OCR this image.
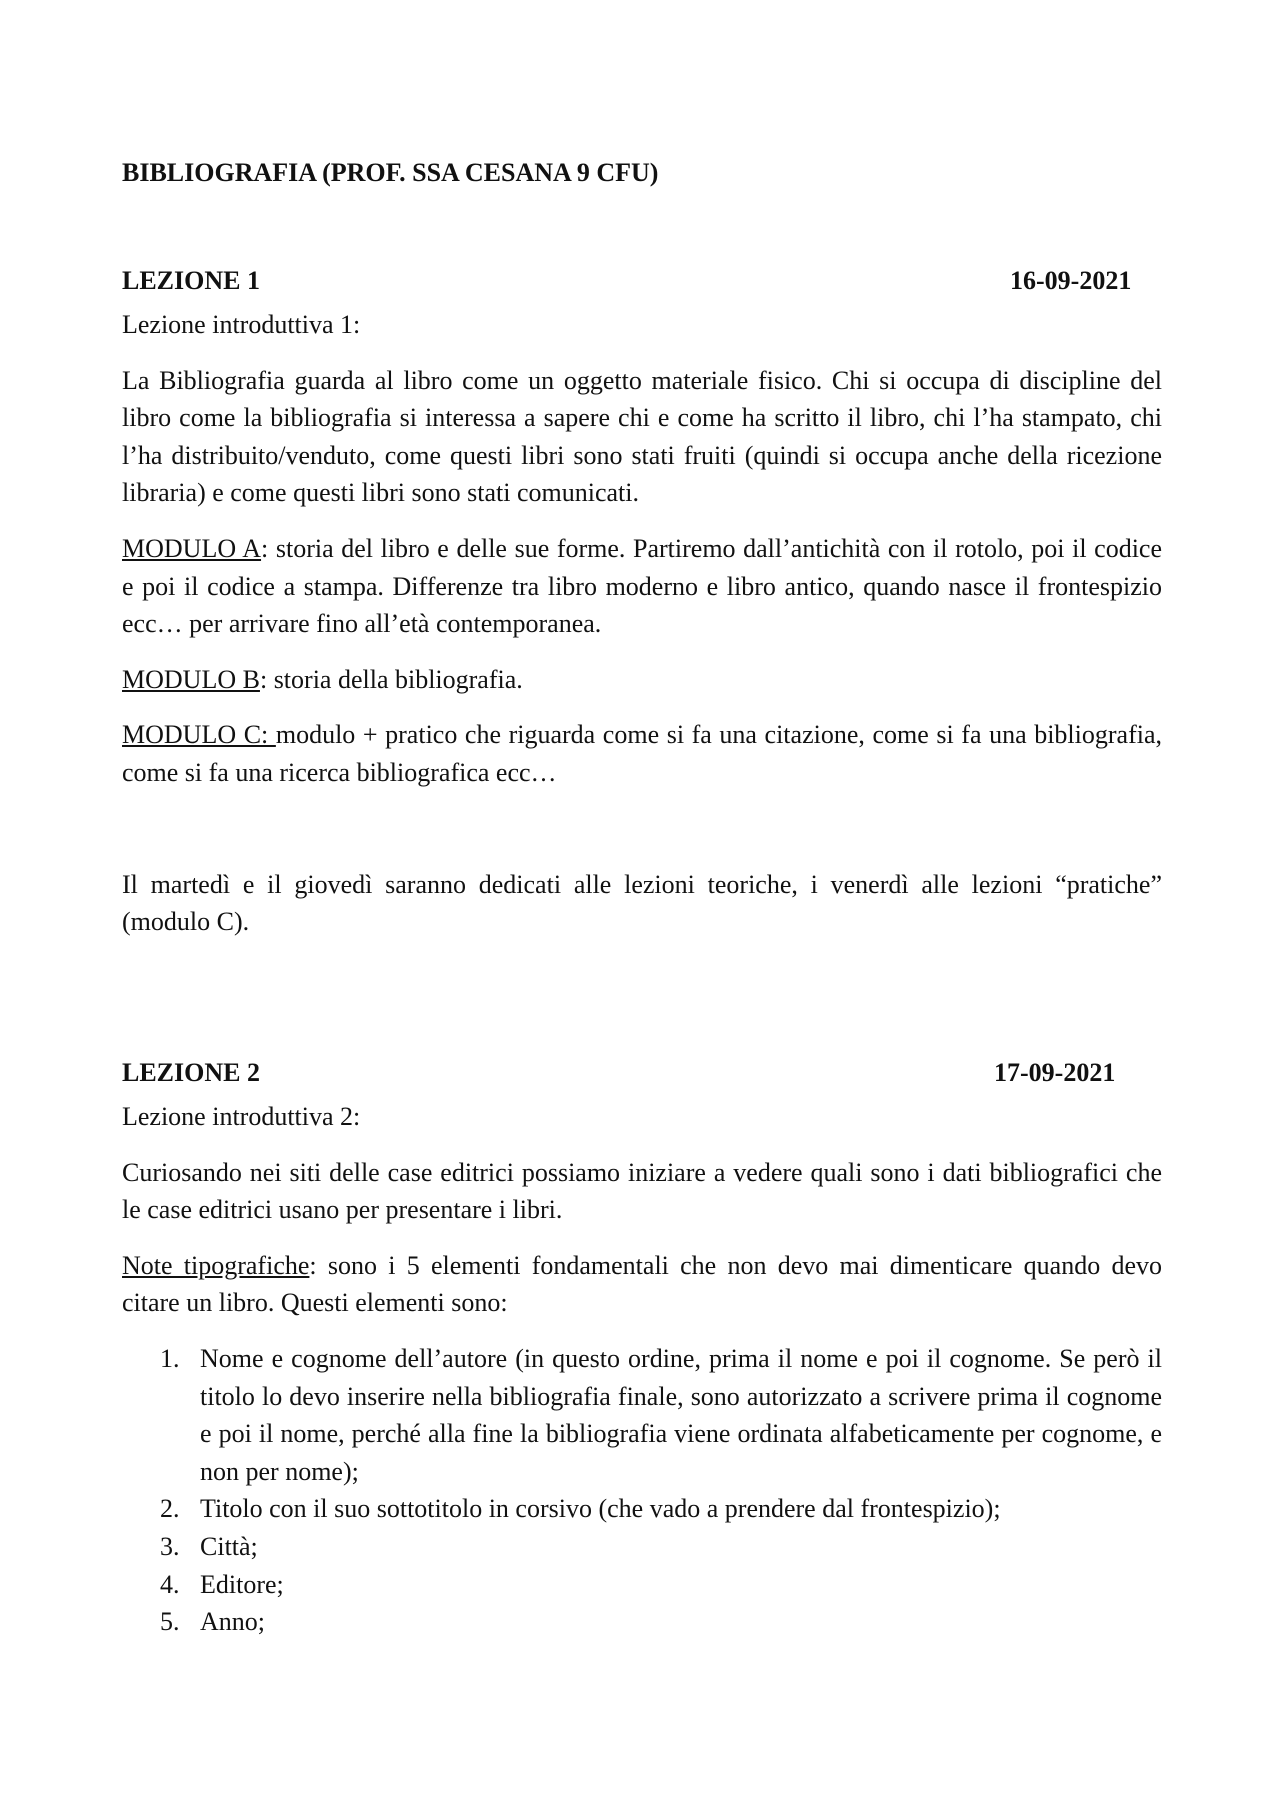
BIBLIOGRAFIA (PROF. SSA CESANA 9 CFU)
LEZIONE 1	16-09-2021

Lezione introduttiva 1:

La Bibliografia guarda al libro come un oggetto materiale fisico. Chi si occupa di discipline del libro come la bibliografia si interessa a sapere chi e come ha scritto il libro, chi l’ha stampato, chi l’ha distribuito/venduto, come questi libri sono stati fruiti (quindi si occupa anche della ricezione libraria) e come questi libri sono stati comunicati.

MODULO A: storia del libro e delle sue forme. Partiremo dall’antichità con il rotolo, poi il codice e poi il codice a stampa. Differenze tra libro moderno e libro antico, quando nasce il frontespizio ecc… per arrivare fino all’età contemporanea.

MODULO B: storia della bibliografia.

MODULO C: modulo + pratico che riguarda come si fa una citazione, come si fa una bibliografia, come si fa una ricerca bibliografica ecc…

Il martedì e il giovedì saranno dedicati alle lezioni teoriche, i venerdì alle lezioni “pratiche” (modulo C).

LEZIONE 2	17-09-2021

Lezione introduttiva 2:

Curiosando nei siti delle case editrici possiamo iniziare a vedere quali sono i dati bibliografici che le case editrici usano per presentare i libri.

Note tipografiche: sono i 5 elementi fondamentali che non devo mai dimenticare quando devo citare un libro. Questi elementi sono:

1. Nome e cognome dell’autore (in questo ordine, prima il nome e poi il cognome. Se però il titolo lo devo inserire nella bibliografia finale, sono autorizzato a scrivere prima il cognome e poi il nome, perché alla fine la bibliografia viene ordinata alfabeticamente per cognome, e non per nome);
2. Titolo con il suo sottotitolo in corsivo (che vado a prendere dal frontespizio);
3. Città;
4. Editore;
5. Anno;
